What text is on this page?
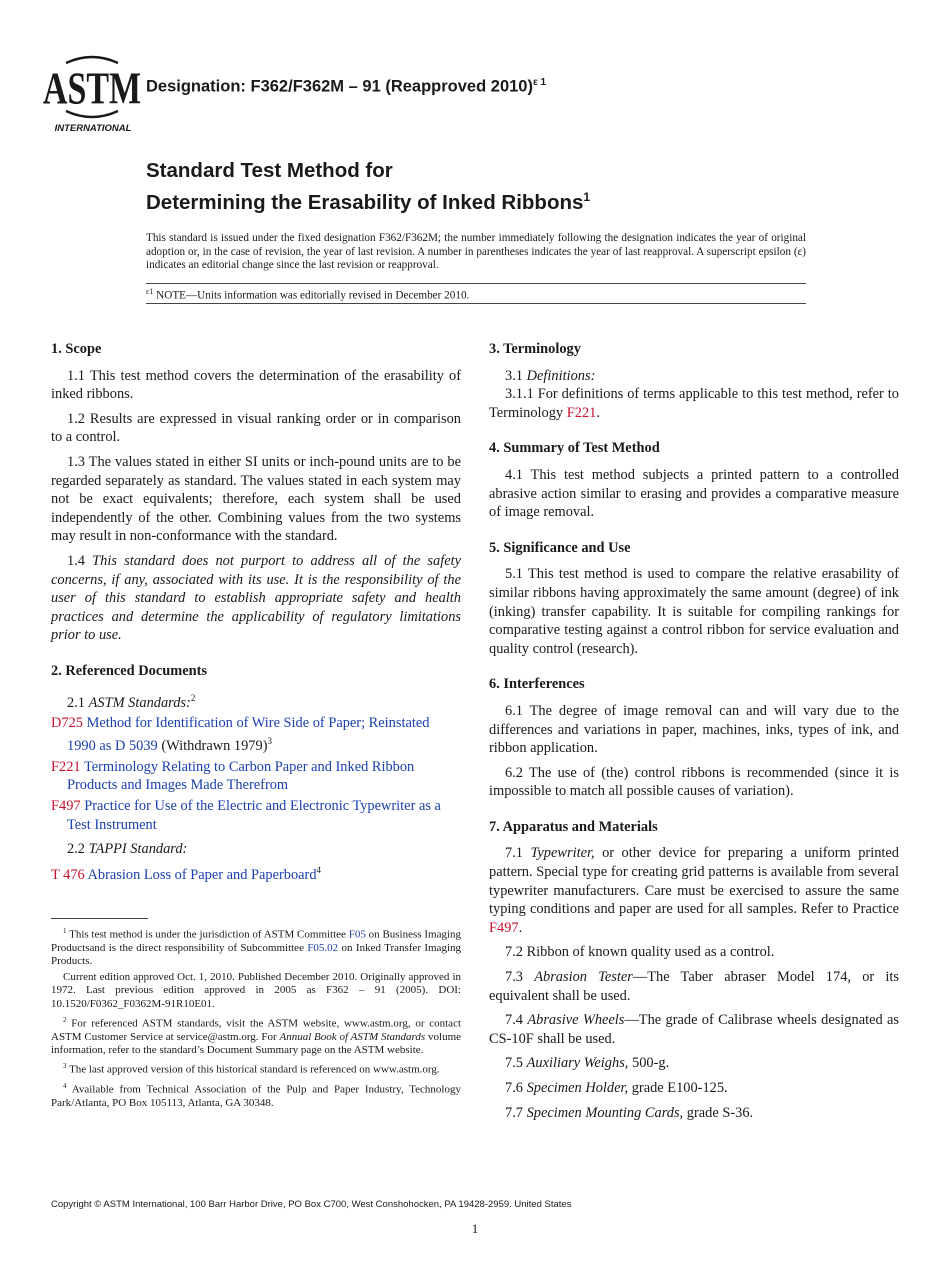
ASTM
INTERNATIONAL
Designation: F362/F362M – 91 (Reapproved 2010)$^{\varepsilon 1}$
Standard Test Method for
Determining the Erasability of Inked Ribbons$^1$
This standard is issued under the fixed designation F362/F362M; the number immediately following the designation indicates the year of original adoption or, in the case of revision, the year of last revision. A number in parentheses indicates the year of last reapproval. A superscript epsilon (ε) indicates an editorial change since the last revision or reapproval.
$^{\varepsilon 1}$ NOTE—Units information was editorially revised in December 2010.
1. Scope
1.1 This test method covers the determination of the erasability of inked ribbons.
1.2 Results are expressed in visual ranking order or in comparison to a control.
1.3 The values stated in either SI units or inch-pound units are to be regarded separately as standard. The values stated in each system may not be exact equivalents; therefore, each system shall be used independently of the other. Combining values from the two systems may result in non-conformance with the standard.
1.4 This standard does not purport to address all of the safety concerns, if any, associated with its use. It is the responsibility of the user of this standard to establish appropriate safety and health practices and determine the applicability of regulatory limitations prior to use.
2. Referenced Documents
2.1 ASTM Standards:$^2$
D725 Method for Identification of Wire Side of Paper; Reinstated 1990 as D 5039 (Withdrawn 1979)$^3$
F221 Terminology Relating to Carbon Paper and Inked Ribbon Products and Images Made Therefrom
F497 Practice for Use of the Electric and Electronic Typewriter as a Test Instrument
2.2 TAPPI Standard:
T 476 Abrasion Loss of Paper and Paperboard$^4$
$^1$ This test method is under the jurisdiction of ASTM Committee F05 on Business Imaging Productsand is the direct responsibility of Subcommittee F05.02 on Inked Transfer Imaging Products.
Current edition approved Oct. 1, 2010. Published December 2010. Originally approved in 1972. Last previous edition approved in 2005 as F362 – 91 (2005). DOI: 10.1520/F0362_F0362M-91R10E01.
$^2$ For referenced ASTM standards, visit the ASTM website, www.astm.org, or contact ASTM Customer Service at service@astm.org. For Annual Book of ASTM Standards volume information, refer to the standard’s Document Summary page on the ASTM website.
$^3$ The last approved version of this historical standard is referenced on www.astm.org.
$^4$ Available from Technical Association of the Pulp and Paper Industry, Technology Park/Atlanta, PO Box 105113, Atlanta, GA 30348.
3. Terminology
3.1 Definitions:
3.1.1 For definitions of terms applicable to this test method, refer to Terminology F221.
4. Summary of Test Method
4.1 This test method subjects a printed pattern to a controlled abrasive action similar to erasing and provides a comparative measure of image removal.
5. Significance and Use
5.1 This test method is used to compare the relative erasability of similar ribbons having approximately the same amount (degree) of ink (inking) transfer capability. It is suitable for compiling rankings for comparative testing against a control ribbon for service evaluation and quality control (research).
6. Interferences
6.1 The degree of image removal can and will vary due to the differences and variations in paper, machines, inks, types of ink, and ribbon application.
6.2 The use of (the) control ribbons is recommended (since it is impossible to match all possible causes of variation).
7. Apparatus and Materials
7.1 Typewriter, or other device for preparing a uniform printed pattern. Special type for creating grid patterns is available from several typewriter manufacturers. Care must be exercised to assure the same typing conditions and paper are used for all samples. Refer to Practice F497.
7.2 Ribbon of known quality used as a control.
7.3 Abrasion Tester—The Taber abraser Model 174, or its equivalent shall be used.
7.4 Abrasive Wheels—The grade of Calibrase wheels designated as CS-10F shall be used.
7.5 Auxiliary Weighs, 500-g.
7.6 Specimen Holder, grade E100-125.
7.7 Specimen Mounting Cards, grade S-36.
Copyright © ASTM International, 100 Barr Harbor Drive, PO Box C700, West Conshohocken, PA 19428-2959. United States
1
